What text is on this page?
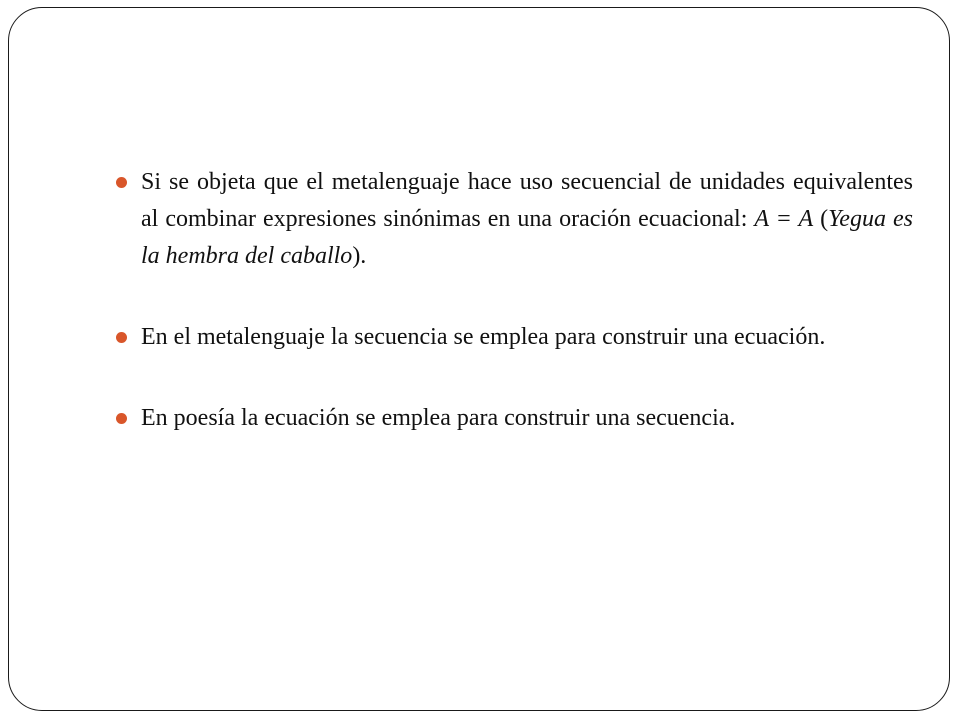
Si se objeta que el metalenguaje hace uso secuencial de unidades equivalentes al combinar expresiones sinónimas en una oración ecuacional: A = A (Yegua es la hembra del caballo).
En el metalenguaje la secuencia se emplea para construir una ecuación.
En poesía la ecuación se emplea para construir una secuencia.
